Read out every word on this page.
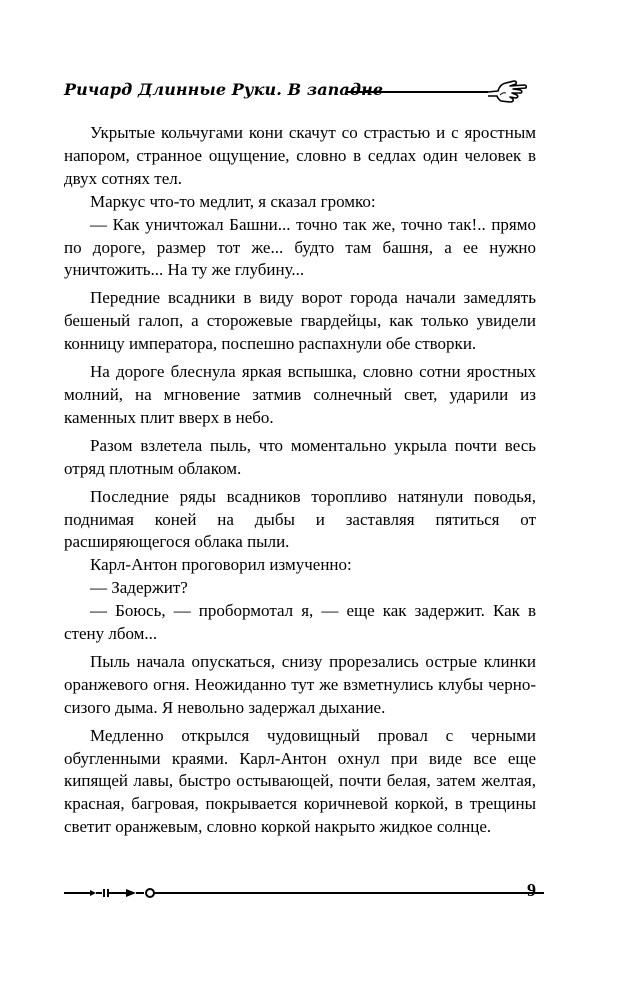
Ричард Длинные Руки. В западне

Укрытые кольчугами кони скачут со страстью и с яростным напором, странное ощущение, словно в седлах один человек в двух сотнях тел.

Маркус что-то медлит, я сказал громко:

— Как уничтожал Башни... точно так же, точно так!.. прямо по дороге, размер тот же... будто там башня, а ее нужно уничтожить... На ту же глубину...

Передние всадники в виду ворот города начали замедлять бешеный галоп, а сторожевые гвардейцы, как только увидели конницу императора, поспешно распахнули обе створки.

На дороге блеснула яркая вспышка, словно сотни яростных молний, на мгновение затмив солнечный свет, ударили из каменных плит вверх в небо.

Разом взлетела пыль, что моментально укрыла почти весь отряд плотным облаком.

Последние ряды всадников торопливо натянули поводья, поднимая коней на дыбы и заставляя пятиться от расширяющегося облака пыли.

Карл-Антон проговорил измученно:

— Задержит?

— Боюсь, — пробормотал я, — еще как задержит. Как в стену лбом...

Пыль начала опускаться, снизу прорезались острые клинки оранжевого огня. Неожиданно тут же взметнулись клубы черно-сизого дыма. Я невольно задержал дыхание.

Медленно открылся чудовищный провал с черными обугленными краями. Карл-Антон охнул при виде все еще кипящей лавы, быстро остывающей, почти белая, затем желтая, красная, багровая, покрывается коричневой коркой, в трещины светит оранжевым, словно коркой накрыто жидкое солнце.

9
